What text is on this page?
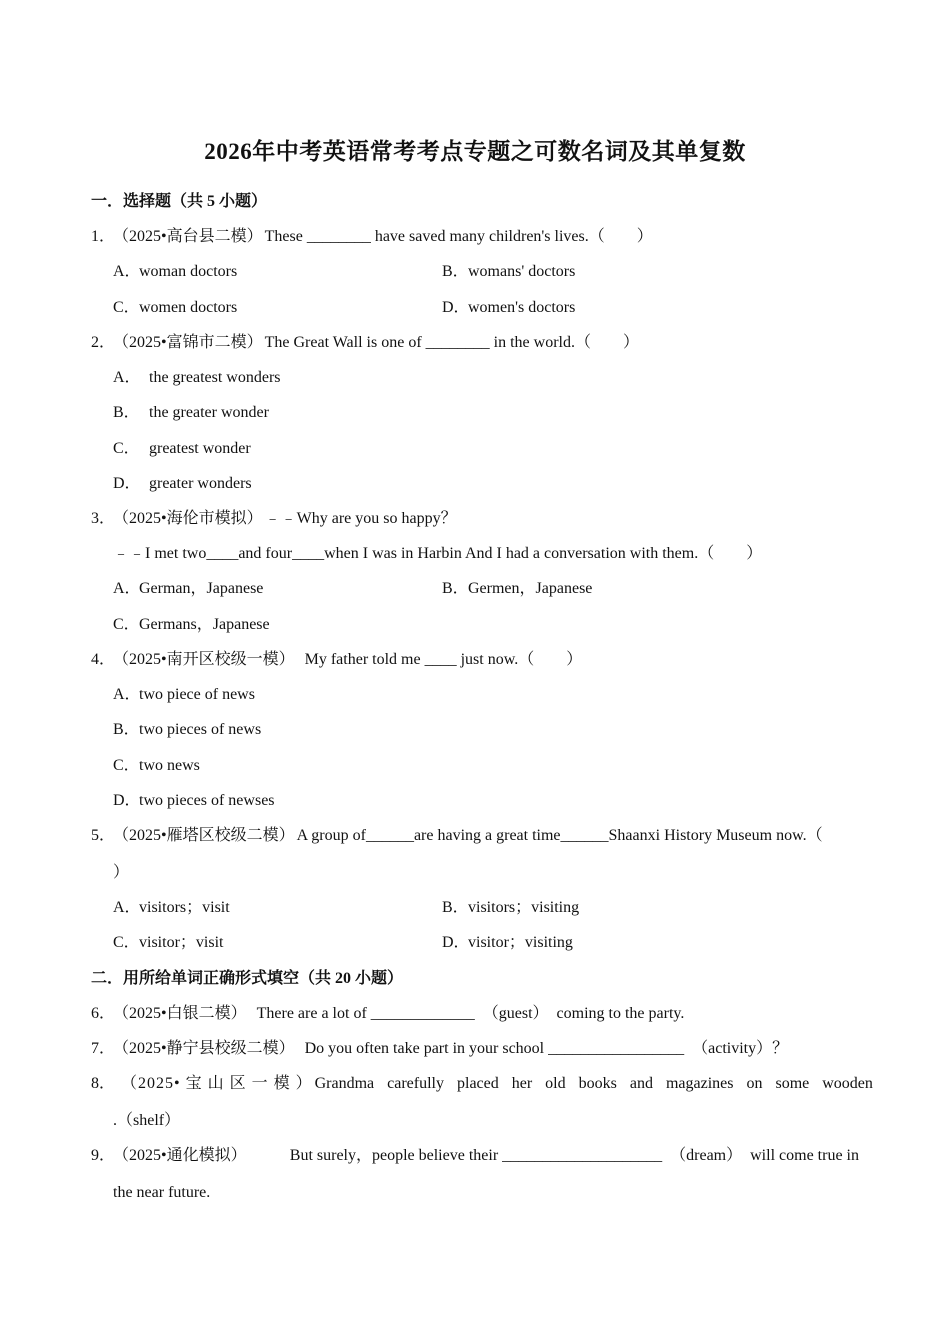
2026年中考英语常考考点专题之可数名词及其单复数
一．选择题（共 5 小题）
1．（2025•高台县二模） These ________ have saved many children's lives.（　　）
A．woman doctors	B．womans' doctors
C．women doctors	D．women's doctors
2．（2025•富锦市二模） The Great Wall is one of ________ in the world.（　　）
A． the greatest wonders
B． the greater wonder
C． greatest wonder
D． greater wonders
3．（2025•海伦市模拟） ﹣﹣Why are you so happy？
﹣﹣I met two____and four____when I was in Harbin And I had a conversation with them.（　　）
A．German，Japanese	B．Germen，Japanese
C．Germans，Japanese
4．（2025•南开区校级一模） My father told me ____ just now.（　　）
A．two piece of news
B．two pieces of news
C．two news
D．two pieces of newses
5．（2025•雁塔区校级二模） A group of______are having a great time______Shaanxi History Museum now.（
）
A．visitors；visit	B．visitors；visiting
C．visitor；visit	D．visitor；visiting
二．用所给单词正确形式填空（共 20 小题）
6．（2025•白银二模） There are a lot of _____________　（guest）　coming to the party.
7．（2025•静宁县校级二模） Do you often take part in your school _________________　（activity）？
8． （2025• 宝 山 区 一 模 ） Grandma carefully placed her old books and magazines on some wooden
.（shelf）
9．
（2025•通化模拟）	But surely，people believe their ____________________　（dream）　will come true in
the near future.
